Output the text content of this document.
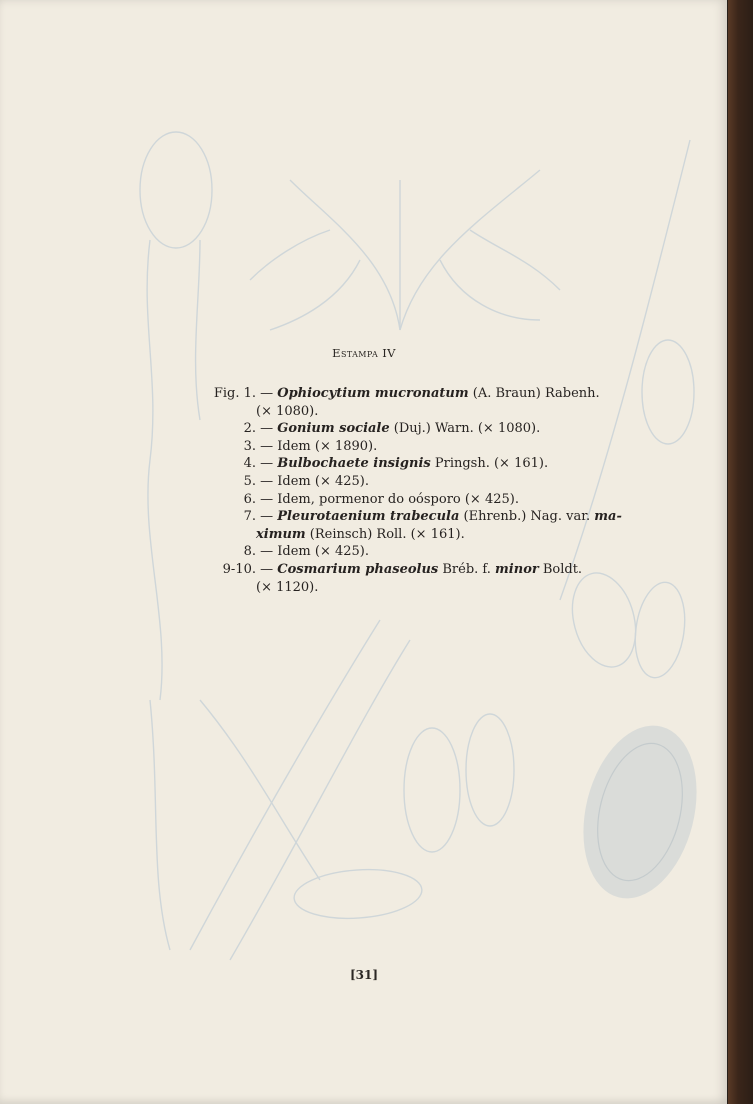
Estampa IV
Fig. 1. — Ophiocytium mucronatum (A. Braun) Rabenh.
(× 1080).
2. — Gonium sociale (Duj.) Warn. (× 1080).
3. — Idem (× 1890).
4. — Bulbochaete insignis Pringsh. (× 161).
5. — Idem (× 425).
6. — Idem, pormenor do oósporo (× 425).
7. — Pleurotaenium trabecula (Ehrenb.) Nag. var. ma-
ximum (Reinsch) Roll. (× 161).
8. — Idem (× 425).
9-10. — Cosmarium phaseolus Bréb. f. minor Boldt.
(× 1120).
[31]
